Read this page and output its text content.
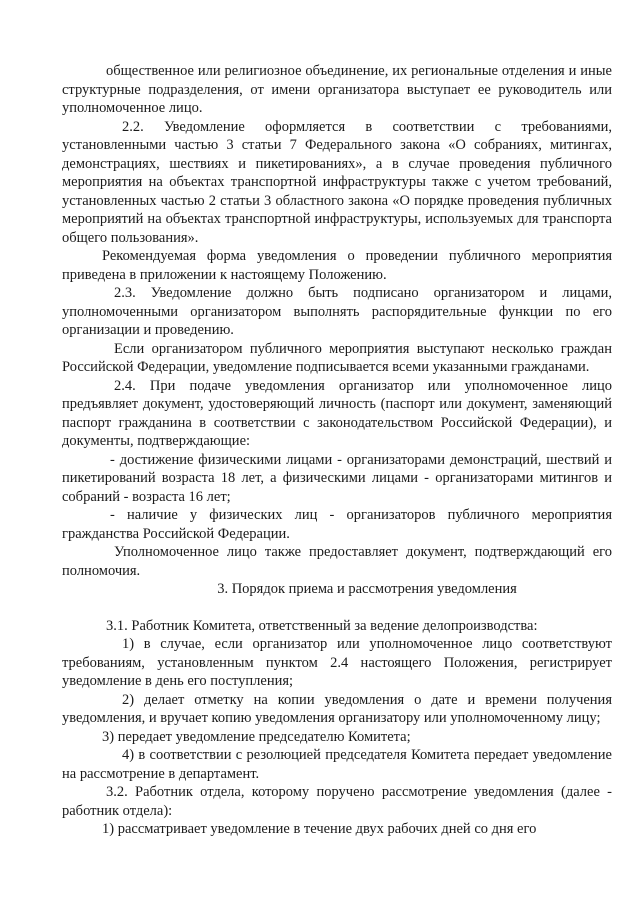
общественное или религиозное объединение, их региональные отделения и иные структурные подразделения, от имени организатора выступает ее руководитель или уполномоченное лицо.

2.2. Уведомление оформляется в соответствии с требованиями, установленными частью 3 статьи 7 Федерального закона «О собраниях, митингах, демонстрациях, шествиях и пикетированиях», а в случае проведения публичного мероприятия на объектах транспортной инфраструктуры также с учетом требований, установленных частью 2 статьи 3 областного закона «О порядке проведения публичных мероприятий на объектах транспортной инфраструктуры, используемых для транспорта общего пользования».

Рекомендуемая форма уведомления о проведении публичного мероприятия приведена в приложении к настоящему Положению.

2.3. Уведомление должно быть подписано организатором и лицами, уполномоченными организатором выполнять распорядительные функции по его организации и проведению.

Если организатором публичного мероприятия выступают несколько граждан Российской Федерации, уведомление подписывается всеми указанными гражданами.

2.4. При подаче уведомления организатор или уполномоченное лицо предъявляет документ, удостоверяющий личность (паспорт или документ, заменяющий паспорт гражданина в соответствии с законодательством Российской Федерации), и документы, подтверждающие:

- достижение физическими лицами - организаторами демонстраций, шествий и пикетирований возраста 18 лет, а физическими лицами - организаторами митингов и собраний - возраста 16 лет;

- наличие у физических лиц - организаторов публичного мероприятия гражданства Российской Федерации.

Уполномоченное лицо также предоставляет документ, подтверждающий его полномочия.

3. Порядок приема и рассмотрения уведомления

3.1. Работник Комитета, ответственный за ведение делопроизводства:

1) в случае, если организатор или уполномоченное лицо соответствуют требованиям, установленным пунктом 2.4 настоящего Положения, регистрирует уведомление в день его поступления;

2) делает отметку на копии уведомления о дате и времени получения уведомления, и вручает копию уведомления организатору или уполномоченному лицу;

3) передает уведомление председателю Комитета;

4) в соответствии с резолюцией председателя Комитета передает уведомление на рассмотрение в департамент.

3.2. Работник отдела, которому поручено рассмотрение уведомления (далее - работник отдела):

1) рассматривает уведомление в течение двух рабочих дней со дня его
